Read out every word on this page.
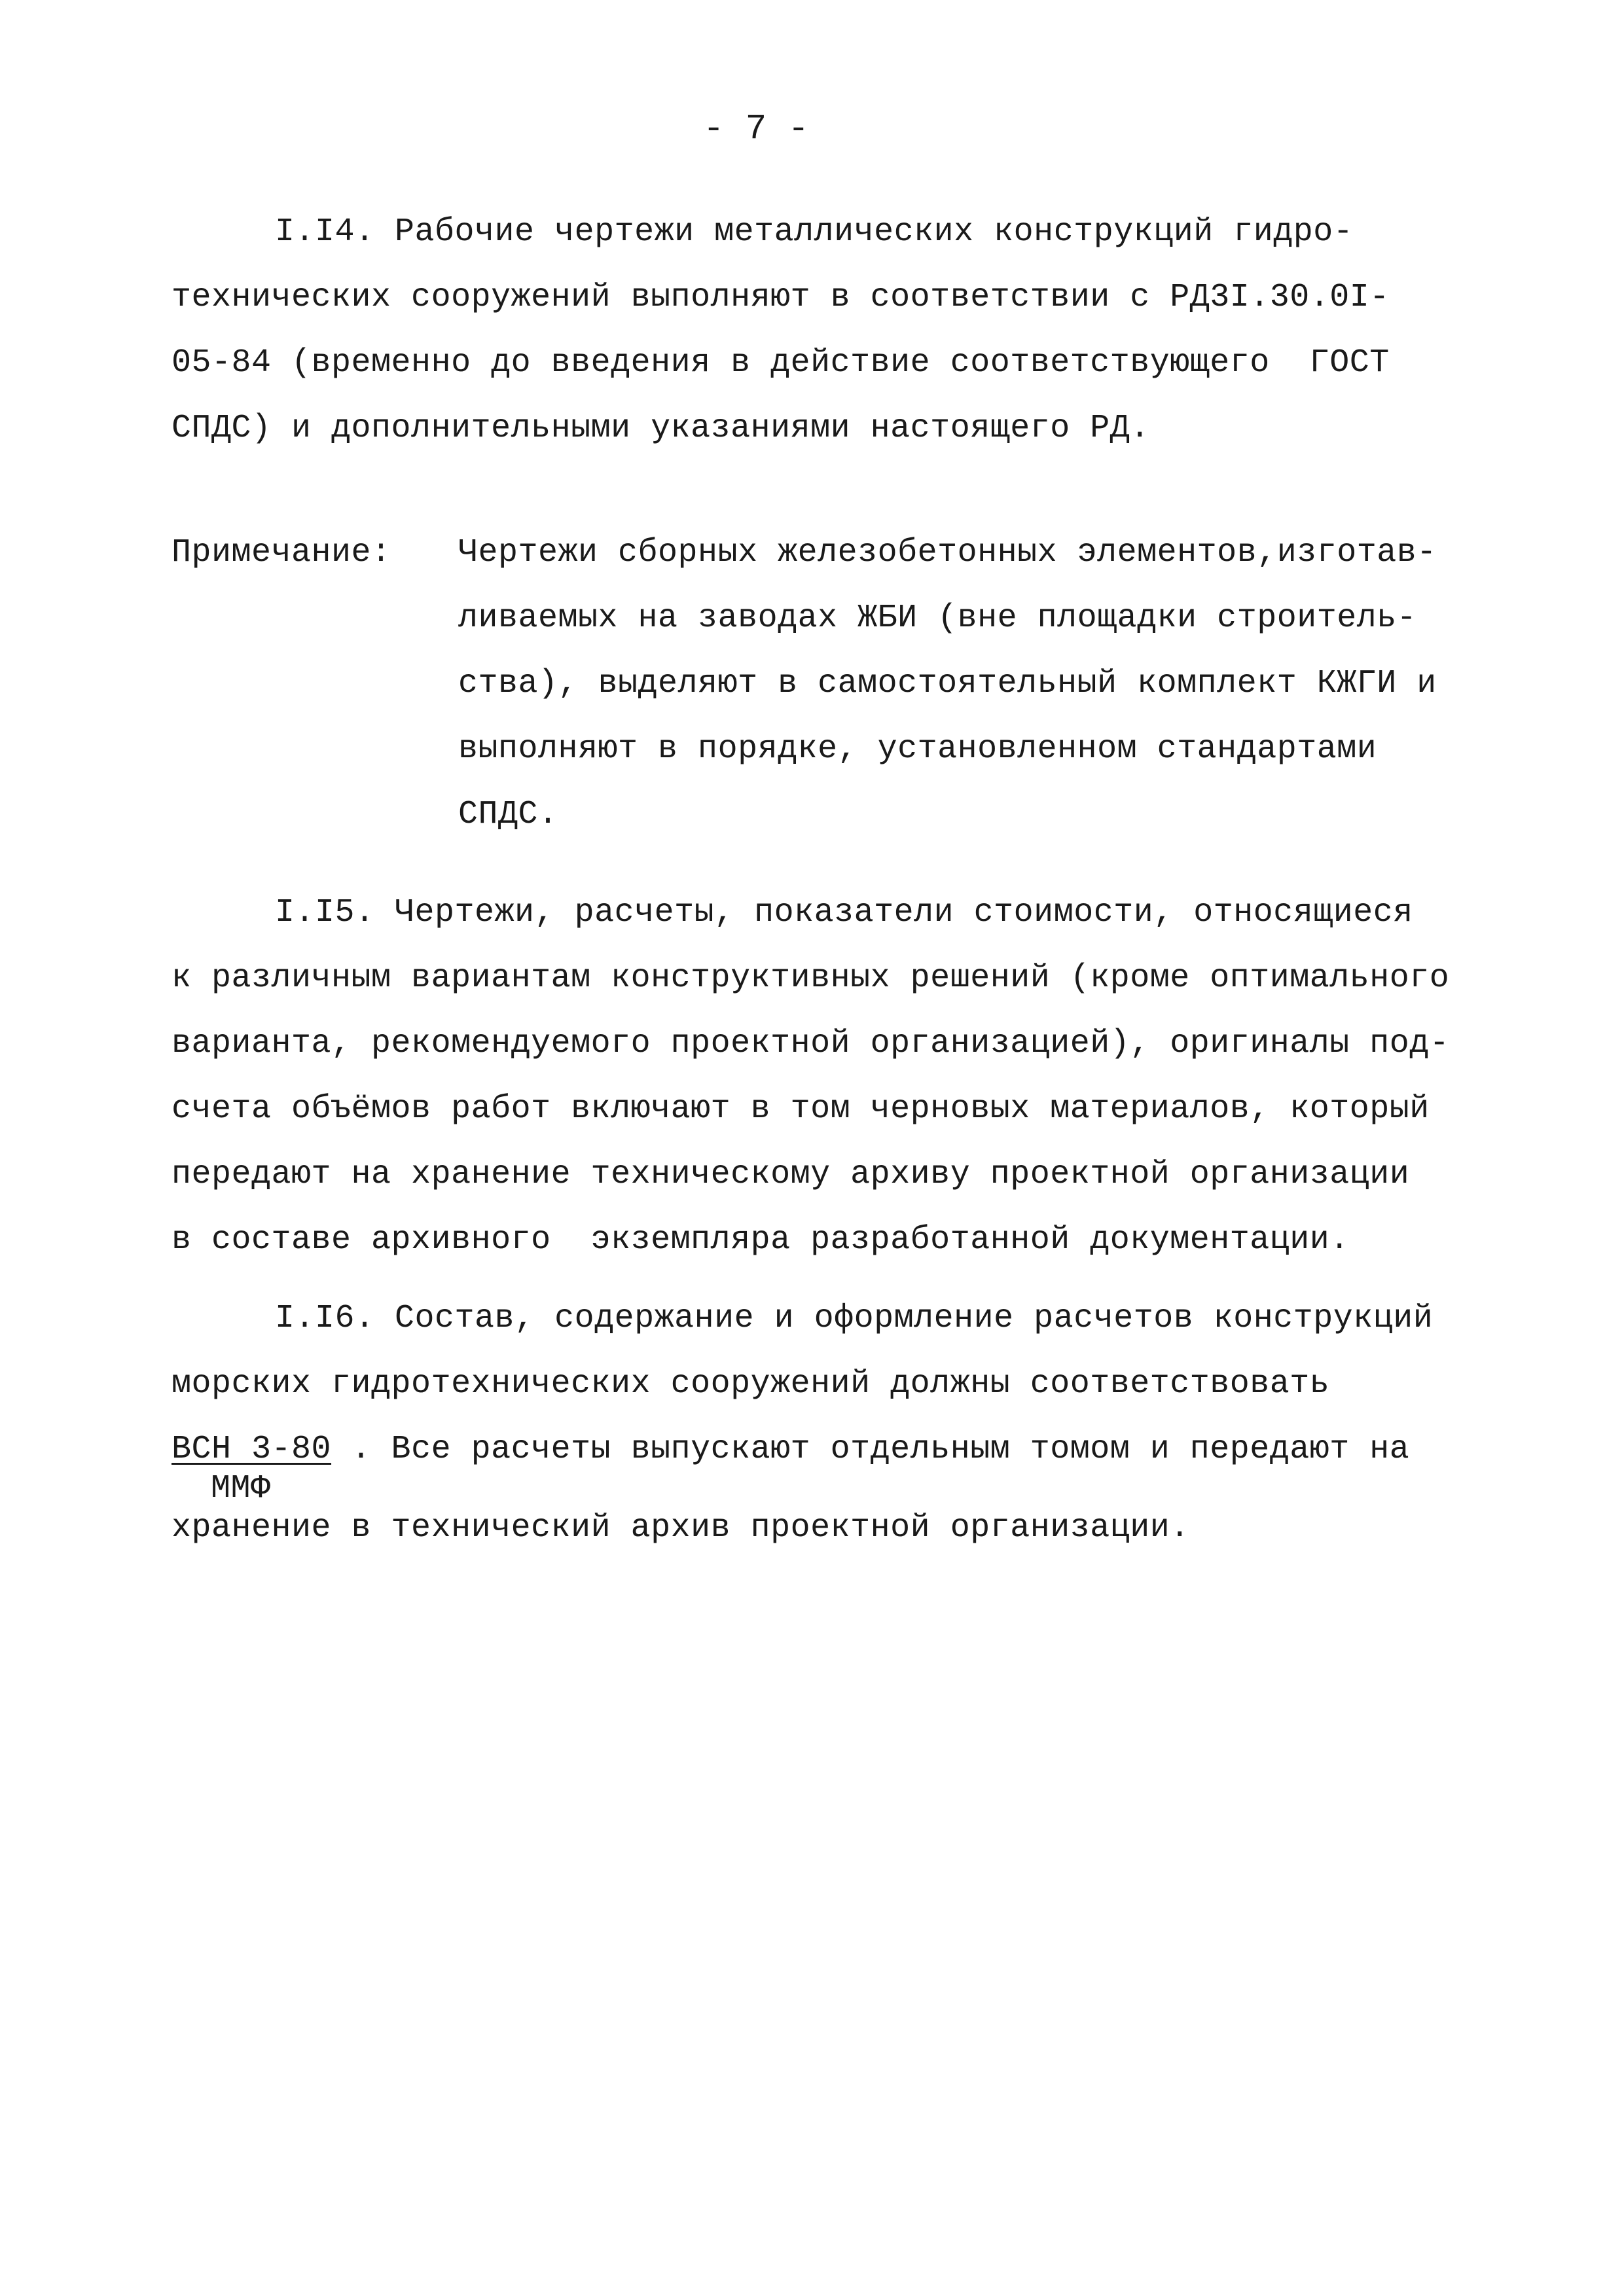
- 7 -
I.I4. Рабочие чертежи металлических конструкций гидро-
технических сооружений выполняют в соответствии с РД3I.30.0I-
05-84 (временно до введения в действие соответствующего  ГОСТ
СПДС) и дополнительными указаниями настоящего РД.
Примечание: Чертежи сборных железобетонных элементов,изготав-
ливаемых на заводах ЖБИ (вне площадки строитель-
ства), выделяют в самостоятельный комплект КЖГИ и
выполняют в порядке, установленном стандартами
СПДС.
I.I5. Чертежи, расчеты, показатели стоимости, относящиеся
к различным вариантам конструктивных решений (кроме оптимального
варианта, рекомендуемого проектной организацией), оригиналы под-
счета объёмов работ включают в том черновых материалов, который
передают на хранение техническому архиву проектной организации
в составе архивного  экземпляра разработанной документации.
I.I6. Состав, содержание и оформление расчетов конструкций
морских гидротехнических сооружений должны соответствовать
ВСН 3-80 . Все расчеты выпускают отдельным томом и передают на
ММФ
хранение в технический архив проектной организации.
